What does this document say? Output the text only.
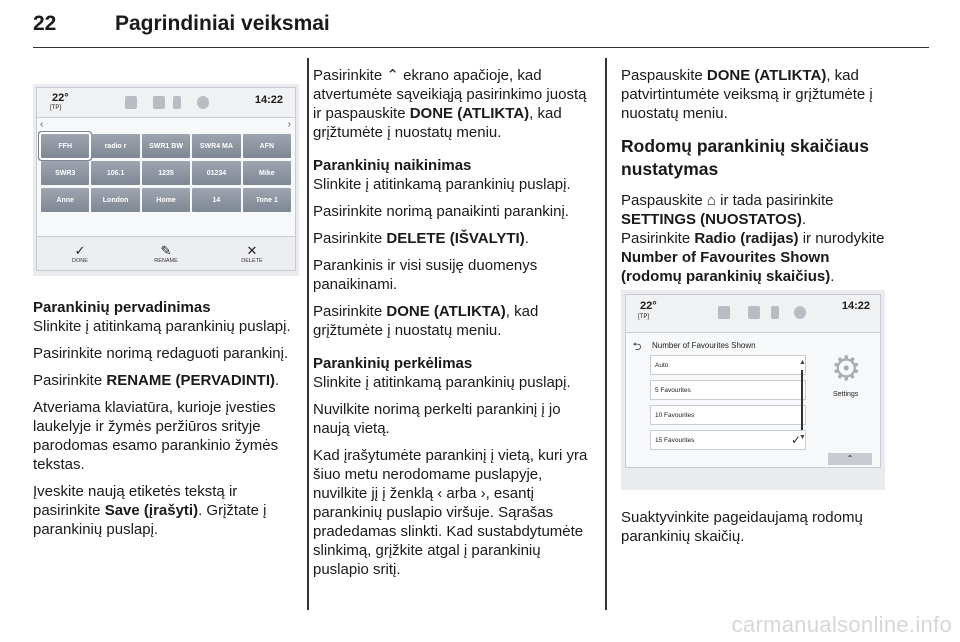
22	Pagrindiniai veiksmai
22°
[TP]
14:22
‹	›
FFH	radio r	SWR1 BW	SWR4 MA	AFN
SWR3	106.1	1235	01234	Mike
Anne	London	Home	14	Tone 1
✓
DONE
✎
RENAME
✕
DELETE
Parankinių pervadinimas
Slinkite į atitinkamą parankinių puslapį.
Pasirinkite norimą redaguoti parankinį.
Pasirinkite RENAME (PERVADINTI).
Atveriama klaviatūra, kurioje įvesties laukelyje ir žymės peržiūros srityje parodomas esamo parankinio žymės tekstas.
Įveskite naują etiketės tekstą ir pasirinkite Save (įrašyti). Grįžtate į parankinių puslapį.
Pasirinkite ⌃ ekrano apačioje, kad atvertumėte sąveikiąją pasirinkimo juostą ir paspauskite DONE (ATLIKTA), kad grįžtumėte į nuostatų meniu.
Parankinių naikinimas
Slinkite į atitinkamą parankinių puslapį.
Pasirinkite norimą panaikinti parankinį.
Pasirinkite DELETE (IŠVALYTI).
Parankinis ir visi susiję duomenys panaikinami.
Pasirinkite DONE (ATLIKTA), kad grįžtumėte į nuostatų meniu.
Parankinių perkėlimas
Slinkite į atitinkamą parankinių puslapį.
Nuvilkite norimą perkelti parankinį į jo naują vietą.
Kad įrašytumėte parankinį į vietą, kuri yra šiuo metu nerodomame puslapyje, nuvilkite jį į ženklą ‹ arba ›, esantį parankinių puslapio viršuje. Sąrašas pradedamas slinkti. Kad sustabdytumėte slinkimą, grįžkite atgal į parankinių puslapio sritį.
Paspauskite DONE (ATLIKTA), kad patvirtintumėte veiksmą ir grįžtumėte į nuostatų meniu.
Rodomų parankinių skaičiaus nustatymas
Paspauskite ⌂ ir tada pasirinkite SETTINGS (NUOSTATOS).
Pasirinkite Radio (radijas) ir nurodykite Number of Favourites Shown (rodomų parankinių skaičius).
22°
[TP]
14:22
⮌	Number of Favourites Shown
Auto
5 Favourites
10 Favourites
15 Favourites	✓
▲
▼
⚙
Settings
⌃
Suaktyvinkite pageidaujamą rodomų parankinių skaičių.
carmanualsonline.info
